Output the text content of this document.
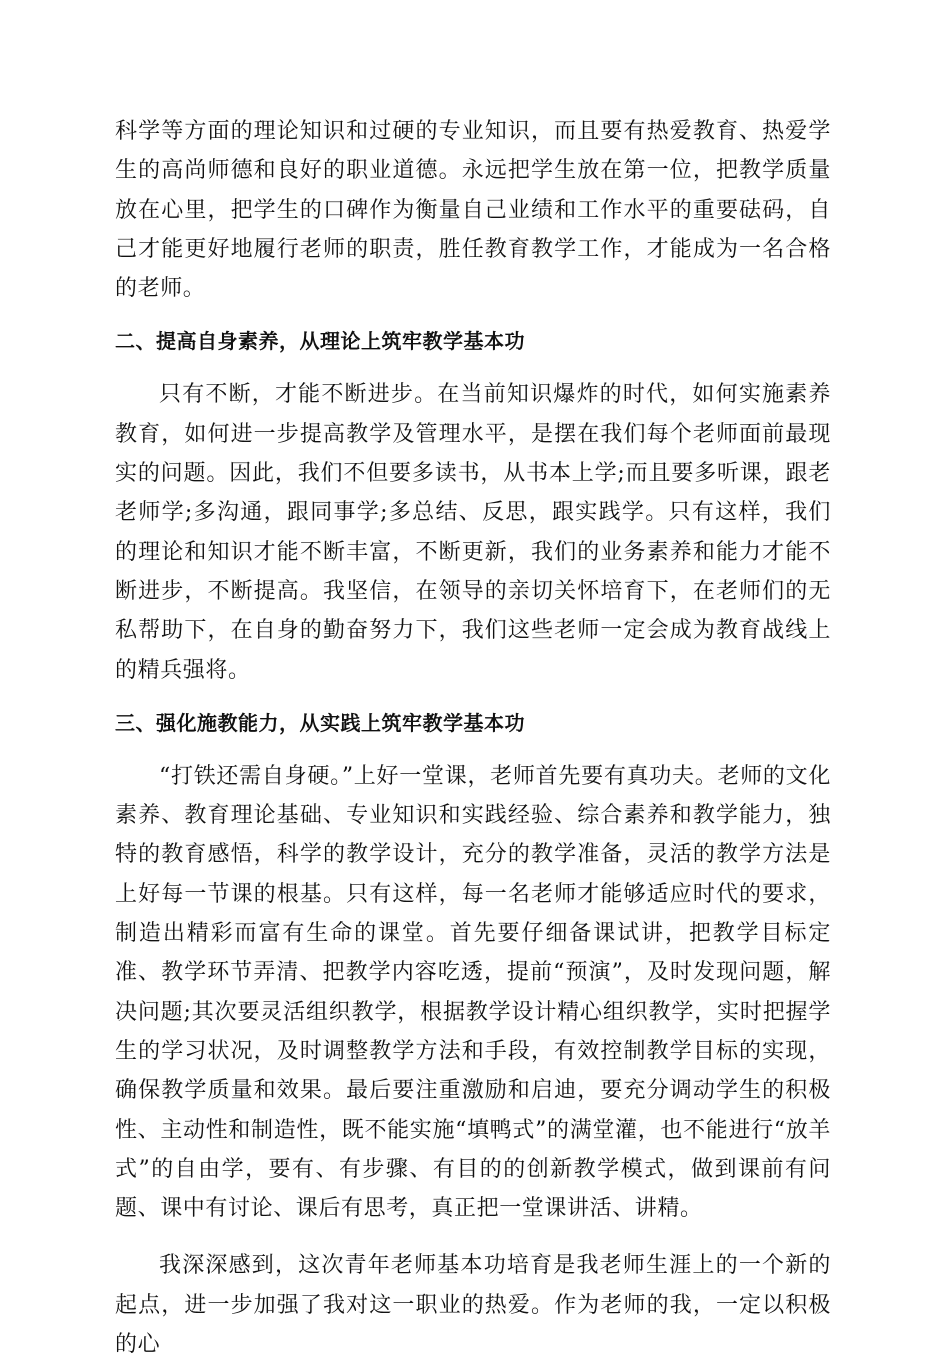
科学等方面的理论知识和过硬的专业知识，而且要有热爱教育、热爱学生的高尚师德和良好的职业道德。永远把学生放在第一位，把教学质量放在心里，把学生的口碑作为衡量自己业绩和工作水平的重要砝码，自己才能更好地履行老师的职责，胜任教育教学工作，才能成为一名合格的老师。

二、提高自身素养，从理论上筑牢教学基本功

只有不断，才能不断进步。在当前知识爆炸的时代，如何实施素养教育，如何进一步提高教学及管理水平，是摆在我们每个老师面前最现实的问题。因此，我们不但要多读书，从书本上学;而且要多听课，跟老老师学;多沟通，跟同事学;多总结、反思，跟实践学。只有这样，我们的理论和知识才能不断丰富，不断更新，我们的业务素养和能力才能不断进步，不断提高。我坚信，在领导的亲切关怀培育下，在老师们的无私帮助下，在自身的勤奋努力下，我们这些老师一定会成为教育战线上的精兵强将。

三、强化施教能力，从实践上筑牢教学基本功

“打铁还需自身硬。”上好一堂课，老师首先要有真功夫。老师的文化素养、教育理论基础、专业知识和实践经验、综合素养和教学能力，独特的教育感悟，科学的教学设计，充分的教学准备，灵活的教学方法是上好每一节课的根基。只有这样，每一名老师才能够适应时代的要求，制造出精彩而富有生命的课堂。首先要仔细备课试讲，把教学目标定准、教学环节弄清、把教学内容吃透，提前“预演”，及时发现问题，解决问题;其次要灵活组织教学，根据教学设计精心组织教学，实时把握学生的学习状况，及时调整教学方法和手段，有效控制教学目标的实现，确保教学质量和效果。最后要注重激励和启迪，要充分调动学生的积极性、主动性和制造性，既不能实施“填鸭式”的满堂灌，也不能进行“放羊式”的自由学，要有、有步骤、有目的的创新教学模式，做到课前有问题、课中有讨论、课后有思考，真正把一堂课讲活、讲精。

我深深感到，这次青年老师基本功培育是我老师生涯上的一个新的起点，进一步加强了我对这一职业的热爱。作为老师的我，一定以积极的心
